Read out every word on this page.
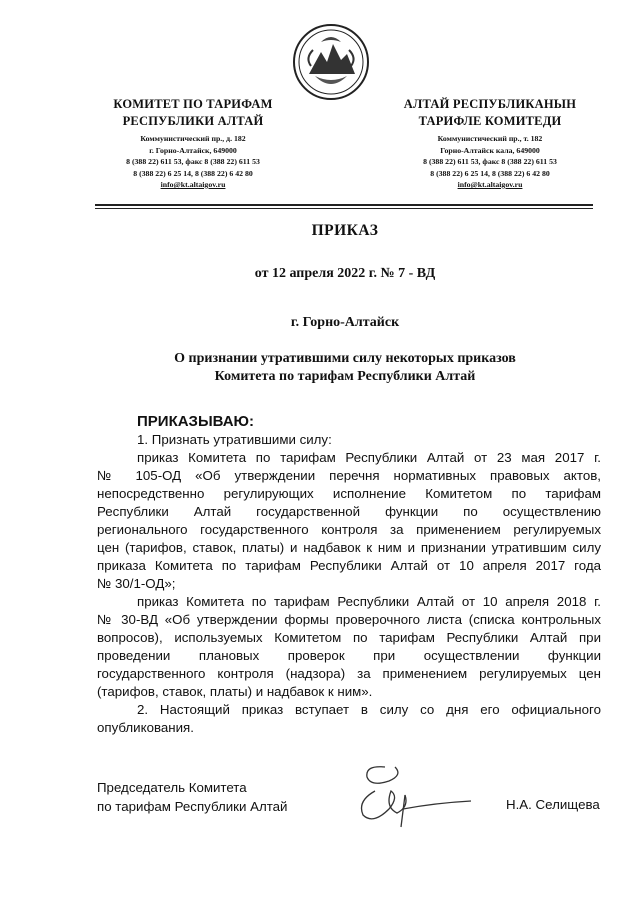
КОМИТЕТ ПО ТАРИФАМ
РЕСПУБЛИКИ АЛТАЙ
Коммунистический пр., д. 182
г. Горно-Алтайск, 649000
8 (388 22) 611 53, факс 8 (388 22) 611 53
8 (388 22) 6 25 14, 8 (388 22) 6 42 80
info@kt.altaigov.ru
АЛТАЙ РЕСПУБЛИКАНЫН
ТАРИФЛЕ КОМИТЕДИ
Коммунистический пр., т. 182
Горно-Алтайск кала, 649000
8 (388 22) 611 53, факс 8 (388 22) 611 53
8 (388 22) 6 25 14, 8 (388 22) 6 42 80
info@kt.altaigov.ru
ПРИКАЗ
от 12 апреля 2022 г. № 7 - ВД
г. Горно-Алтайск
О признании утратившими силу некоторых приказов
Комитета по тарифам Республики Алтай
ПРИКАЗЫВАЮ:
1. Признать утратившими силу:
приказ Комитета по тарифам Республики Алтай от 23 мая 2017 г.
№ 105-ОД «Об утверждении перечня нормативных правовых актов,
непосредственно регулирующих исполнение Комитетом по тарифам
Республики Алтай государственной функции по осуществлению
регионального государственного контроля за применением регулируемых
цен (тарифов, ставок, платы) и надбавок к ним и признании утратившим силу
приказа Комитета по тарифам Республики Алтай от 10 апреля 2017 года
№ 30/1-ОД»;
приказ Комитета по тарифам Республики Алтай от 10 апреля 2018 г.
№ 30-ВД «Об утверждении формы проверочного листа (списка контрольных
вопросов), используемых Комитетом по тарифам Республики Алтай при
проведении плановых проверок при осуществлении функции
государственного контроля (надзора) за применением регулируемых цен
(тарифов, ставок, платы) и надбавок к ним».
2. Настоящий приказ вступает в силу со дня его официального
опубликования.
Председатель Комитета
по тарифам Республики Алтай	Н.А. Селищева
